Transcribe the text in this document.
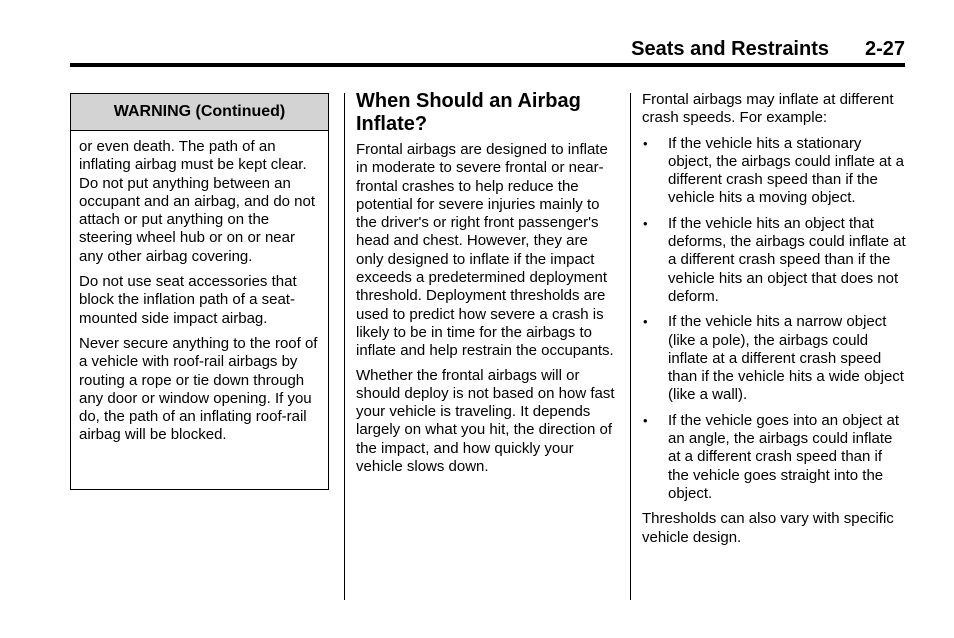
Seats and Restraints 2-27
WARNING (Continued)

or even death. The path of an inflating airbag must be kept clear. Do not put anything between an occupant and an airbag, and do not attach or put anything on the steering wheel hub or on or near any other airbag covering.

Do not use seat accessories that block the inflation path of a seat-mounted side impact airbag.

Never secure anything to the roof of a vehicle with roof-rail airbags by routing a rope or tie down through any door or window opening. If you do, the path of an inflating roof-rail airbag will be blocked.

When Should an Airbag Inflate?

Frontal airbags are designed to inflate in moderate to severe frontal or near-frontal crashes to help reduce the potential for severe injuries mainly to the driver's or right front passenger's head and chest. However, they are only designed to inflate if the impact exceeds a predetermined deployment threshold. Deployment thresholds are used to predict how severe a crash is likely to be in time for the airbags to inflate and help restrain the occupants.

Whether the frontal airbags will or should deploy is not based on how fast your vehicle is traveling. It depends largely on what you hit, the direction of the impact, and how quickly your vehicle slows down.

Frontal airbags may inflate at different crash speeds. For example:

• If the vehicle hits a stationary object, the airbags could inflate at a different crash speed than if the vehicle hits a moving object.

• If the vehicle hits an object that deforms, the airbags could inflate at a different crash speed than if the vehicle hits an object that does not deform.

• If the vehicle hits a narrow object (like a pole), the airbags could inflate at a different crash speed than if the vehicle hits a wide object (like a wall).

• If the vehicle goes into an object at an angle, the airbags could inflate at a different crash speed than if the vehicle goes straight into the object.

Thresholds can also vary with specific vehicle design.
